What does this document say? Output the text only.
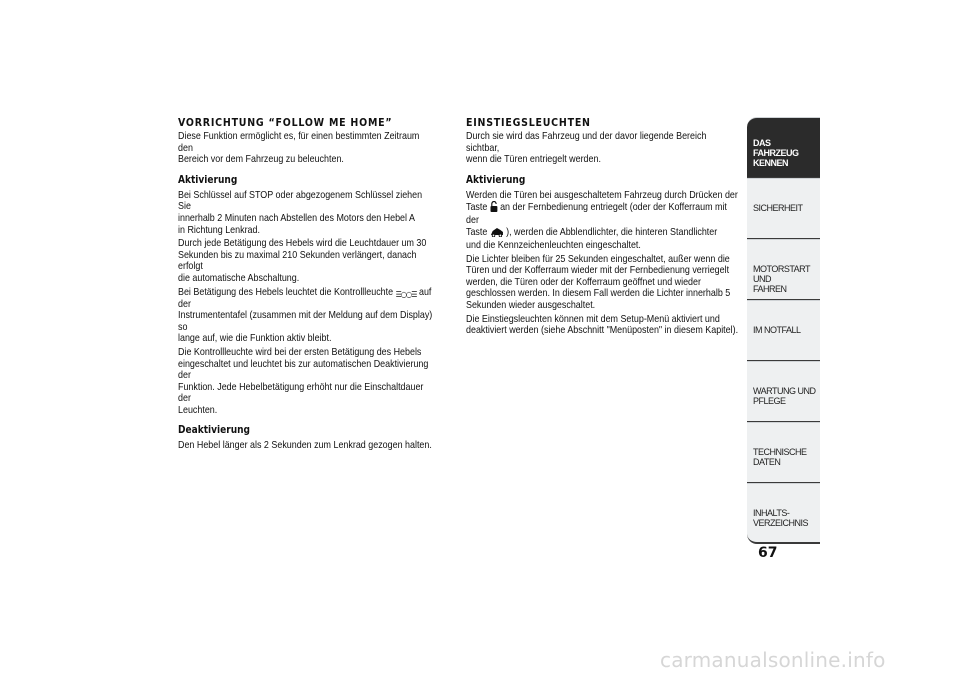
VORRICHTUNG “FOLLOW ME HOME”

Diese Funktion ermöglicht es, für einen bestimmten Zeitraum den
Bereich vor dem Fahrzeug zu beleuchten.

Aktivierung

Bei Schlüssel auf STOP oder abgezogenem Schlüssel ziehen Sie
innerhalb 2 Minuten nach Abstellen des Motors den Hebel A
in Richtung Lenkrad.

Durch jede Betätigung des Hebels wird die Leuchtdauer um 30
Sekunden bis zu maximal 210 Sekunden verlängert, danach erfolgt
die automatische Abschaltung.

Bei Betätigung des Hebels leuchtet die Kontrollleuchte ☰○○☰ auf der
Instrumententafel (zusammen mit der Meldung auf dem Display) so
lange auf, wie die Funktion aktiv bleibt.

Die Kontrollleuchte wird bei der ersten Betätigung des Hebels
eingeschaltet und leuchtet bis zur automatischen Deaktivierung der
Funktion. Jede Hebelbetätigung erhöht nur die Einschaltdauer der
Leuchten.

Deaktivierung

Den Hebel länger als 2 Sekunden zum Lenkrad gezogen halten.

EINSTIEGSLEUCHTEN

Durch sie wird das Fahrzeug und der davor liegende Bereich sichtbar,
wenn die Türen entriegelt werden.

Aktivierung

Werden die Türen bei ausgeschaltetem Fahrzeug durch Drücken der
Taste an der Fernbedienung entriegelt (oder der Kofferraum mit der
Taste ), werden die Abblendlichter, die hinteren Standlichter
und die Kennzeichenleuchten eingeschaltet.

Die Lichter bleiben für 25 Sekunden eingeschaltet, außer wenn die
Türen und der Kofferraum wieder mit der Fernbedienung verriegelt
werden, die Türen oder der Kofferraum geöffnet und wieder
geschlossen werden. In diesem Fall werden die Lichter innerhalb 5
Sekunden wieder ausgeschaltet.

Die Einstiegsleuchten können mit dem Setup-Menü aktiviert und
deaktiviert werden (siehe Abschnitt "Menüposten" in diesem Kapitel).

DAS FAHRZEUG
KENNEN
SICHERHEIT

MOTORSTART UND
FAHREN
IM NOTFALL

WARTUNG UND
PFLEGE
TECHNISCHE DATEN

INHALTS-
VERZEICHNIS
67
carmanualsonline.info
